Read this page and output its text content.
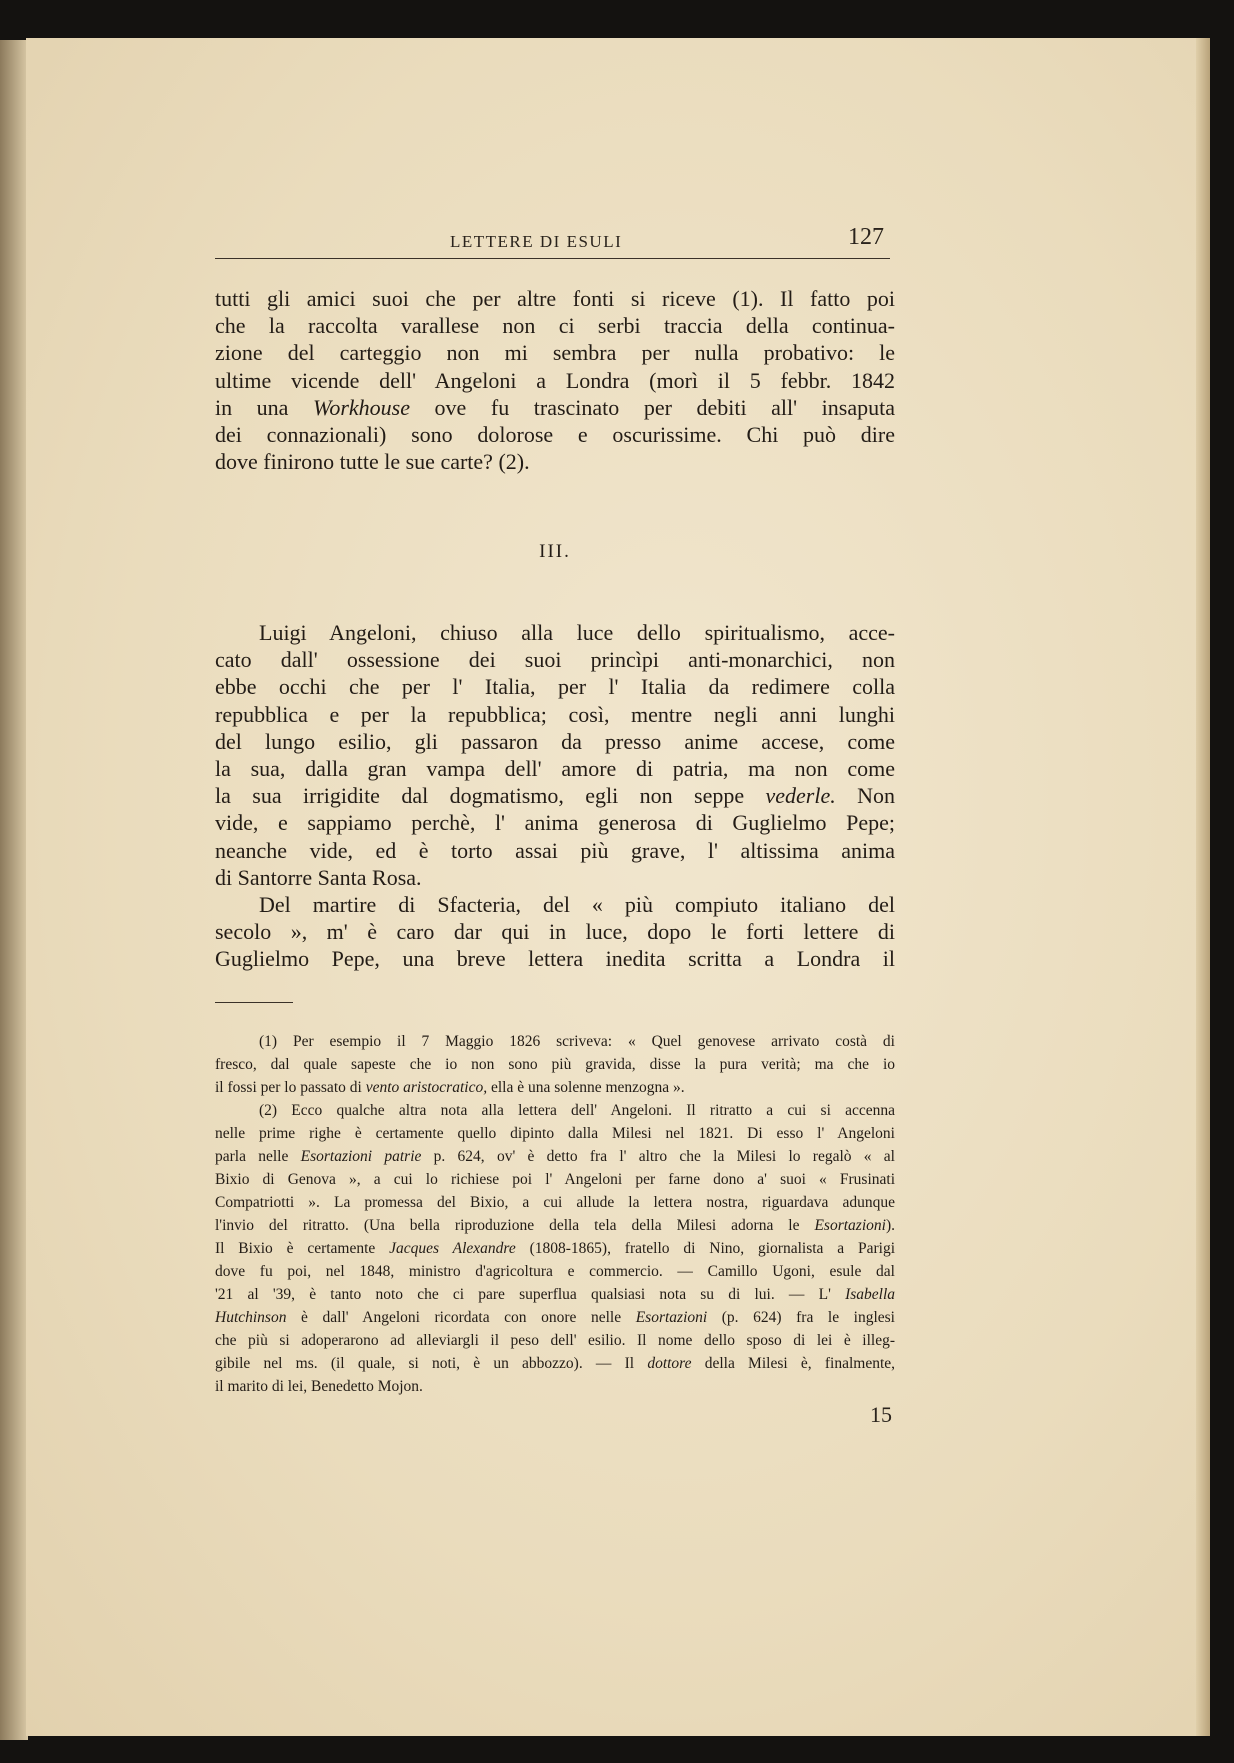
LETTERE DI ESULI	127
tutti gli amici suoi che per altre fonti si riceve (1). Il fatto poi
che la raccolta varallese non ci serbi traccia della continua-
zione del carteggio non mi sembra per nulla probativo: le
ultime vicende dell' Angeloni a Londra (morì il 5 febbr. 1842
in una Workhouse ove fu trascinato per debiti all' insaputa
dei connazionali) sono dolorose e oscurissime. Chi può dire
dove finirono tutte le sue carte? (2).
III.
Luigi Angeloni, chiuso alla luce dello spiritualismo, acce-
cato dall' ossessione dei suoi princìpi anti-monarchici, non
ebbe occhi che per l' Italia, per l' Italia da redimere colla
repubblica e per la repubblica; così, mentre negli anni lunghi
del lungo esilio, gli passaron da presso anime accese, come
la sua, dalla gran vampa dell' amore di patria, ma non come
la sua irrigidite dal dogmatismo, egli non seppe vederle. Non
vide, e sappiamo perchè, l' anima generosa di Guglielmo Pepe;
neanche vide, ed è torto assai più grave, l' altissima anima
di Santorre Santa Rosa.
Del martire di Sfacteria, del « più compiuto italiano del
secolo », m' è caro dar qui in luce, dopo le forti lettere di
Guglielmo Pepe, una breve lettera inedita scritta a Londra il
(1) Per esempio il 7 Maggio 1826 scriveva: « Quel genovese arrivato costà di
fresco, dal quale sapeste che io non sono più gravida, disse la pura verità; ma che io
il fossi per lo passato di vento aristocratico, ella è una solenne menzogna ».
(2) Ecco qualche altra nota alla lettera dell' Angeloni. Il ritratto a cui si accenna
nelle prime righe è certamente quello dipinto dalla Milesi nel 1821. Di esso l' Angeloni
parla nelle Esortazioni patrie p. 624, ov' è detto fra l' altro che la Milesi lo regalò « al
Bixio di Genova », a cui lo richiese poi l' Angeloni per farne dono a' suoi « Frusinati
Compatriotti ». La promessa del Bixio, a cui allude la lettera nostra, riguardava adunque
l'invio del ritratto. (Una bella riproduzione della tela della Milesi adorna le Esortazioni).
Il Bixio è certamente Jacques Alexandre (1808-1865), fratello di Nino, giornalista a Parigi
dove fu poi, nel 1848, ministro d'agricoltura e commercio. — Camillo Ugoni, esule dal
'21 al '39, è tanto noto che ci pare superflua qualsiasi nota su di lui. — L' Isabella
Hutchinson è dall' Angeloni ricordata con onore nelle Esortazioni (p. 624) fra le inglesi
che più si adoperarono ad alleviargli il peso dell' esilio. Il nome dello sposo di lei è illeg-
gibile nel ms. (il quale, si noti, è un abbozzo). — Il dottore della Milesi è, finalmente,
il marito di lei, Benedetto Mojon.
15
